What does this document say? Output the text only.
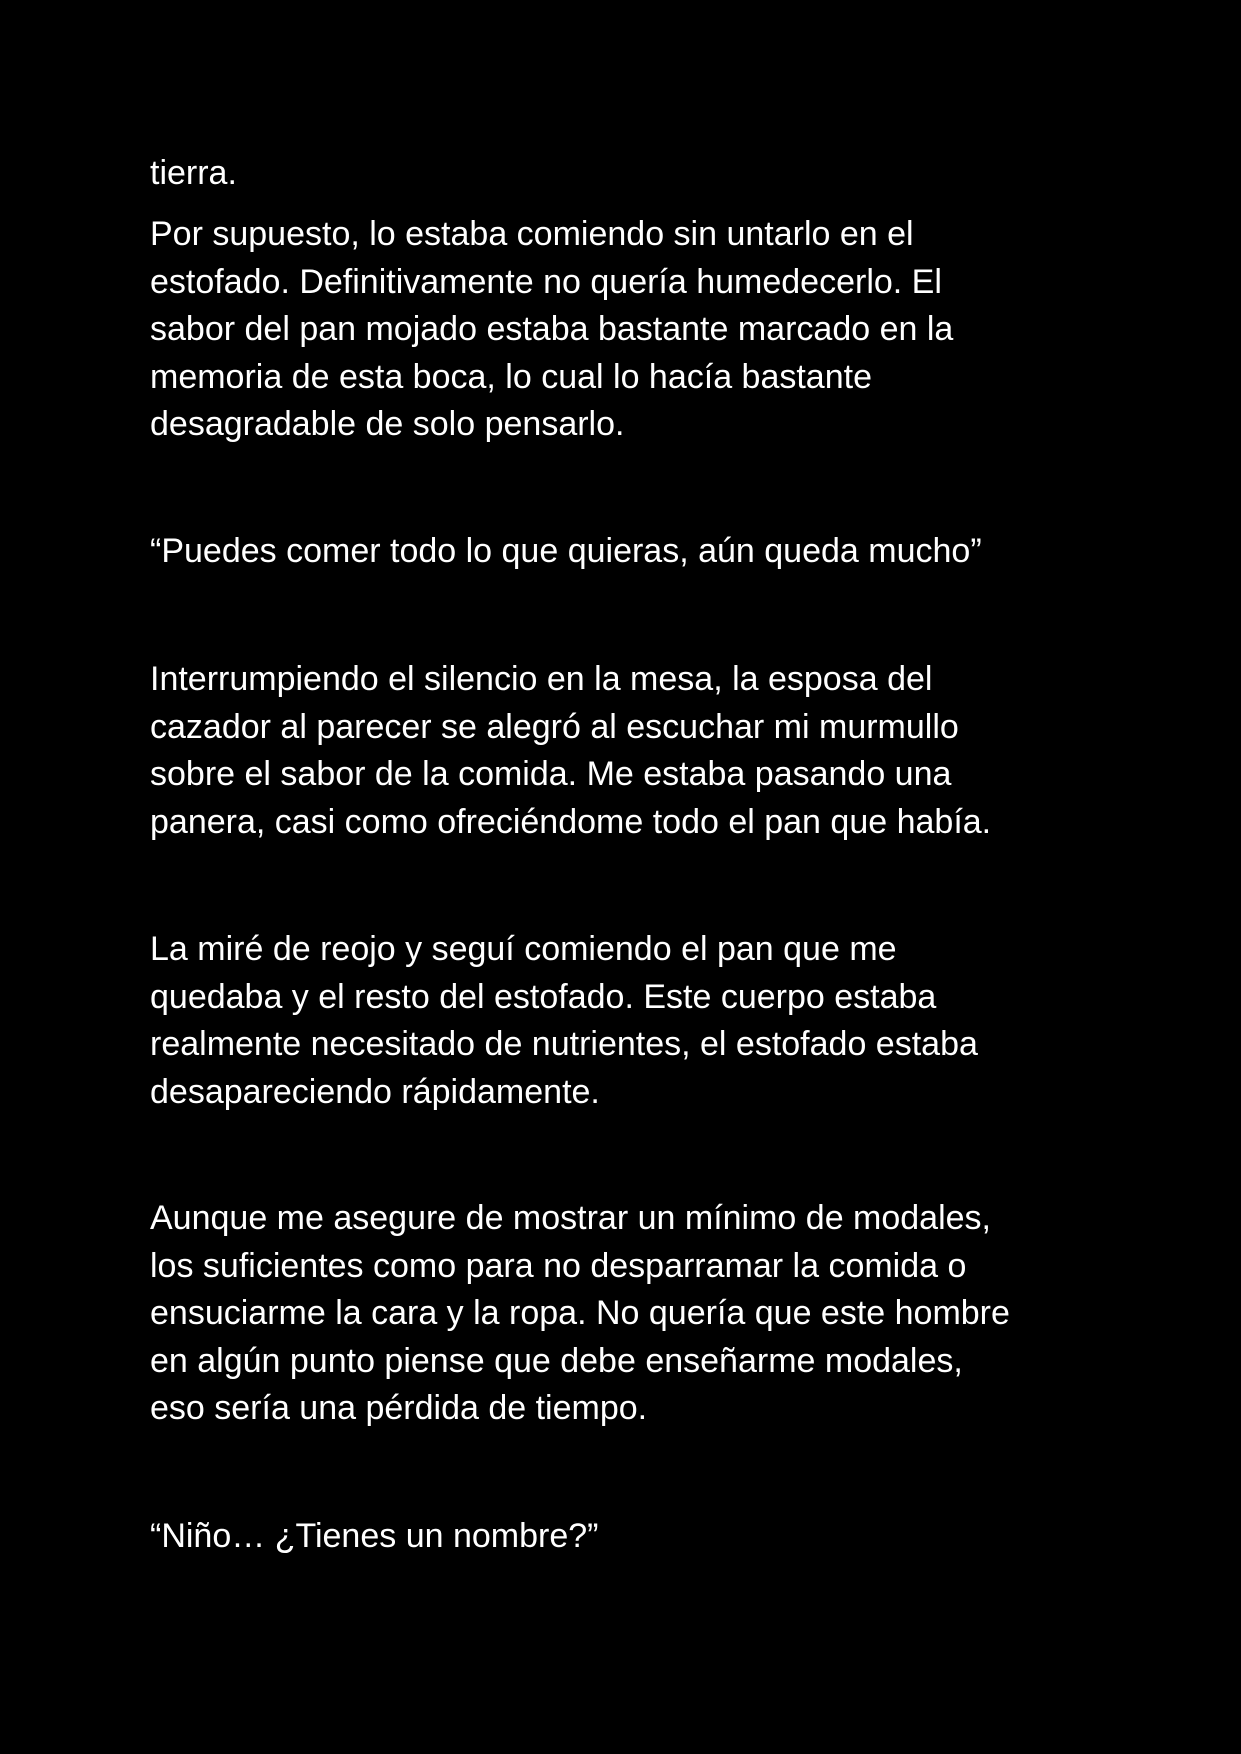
tierra.

Por supuesto, lo estaba comiendo sin untarlo en el
estofado. Definitivamente no quería humedecerlo. El
sabor del pan mojado estaba bastante marcado en la
memoria de esta boca, lo cual lo hacía bastante
desagradable de solo pensarlo.

“Puedes comer todo lo que quieras, aún queda mucho”

Interrumpiendo el silencio en la mesa, la esposa del
cazador al parecer se alegró al escuchar mi murmullo
sobre el sabor de la comida. Me estaba pasando una
panera, casi como ofreciéndome todo el pan que había.

La miré de reojo y seguí comiendo el pan que me
quedaba y el resto del estofado. Este cuerpo estaba
realmente necesitado de nutrientes, el estofado estaba
desapareciendo rápidamente.

Aunque me asegure de mostrar un mínimo de modales,
los suficientes como para no desparramar la comida o
ensuciarme la cara y la ropa. No quería que este hombre
en algún punto piense que debe enseñarme modales,
eso sería una pérdida de tiempo.

“Niño… ¿Tienes un nombre?”
